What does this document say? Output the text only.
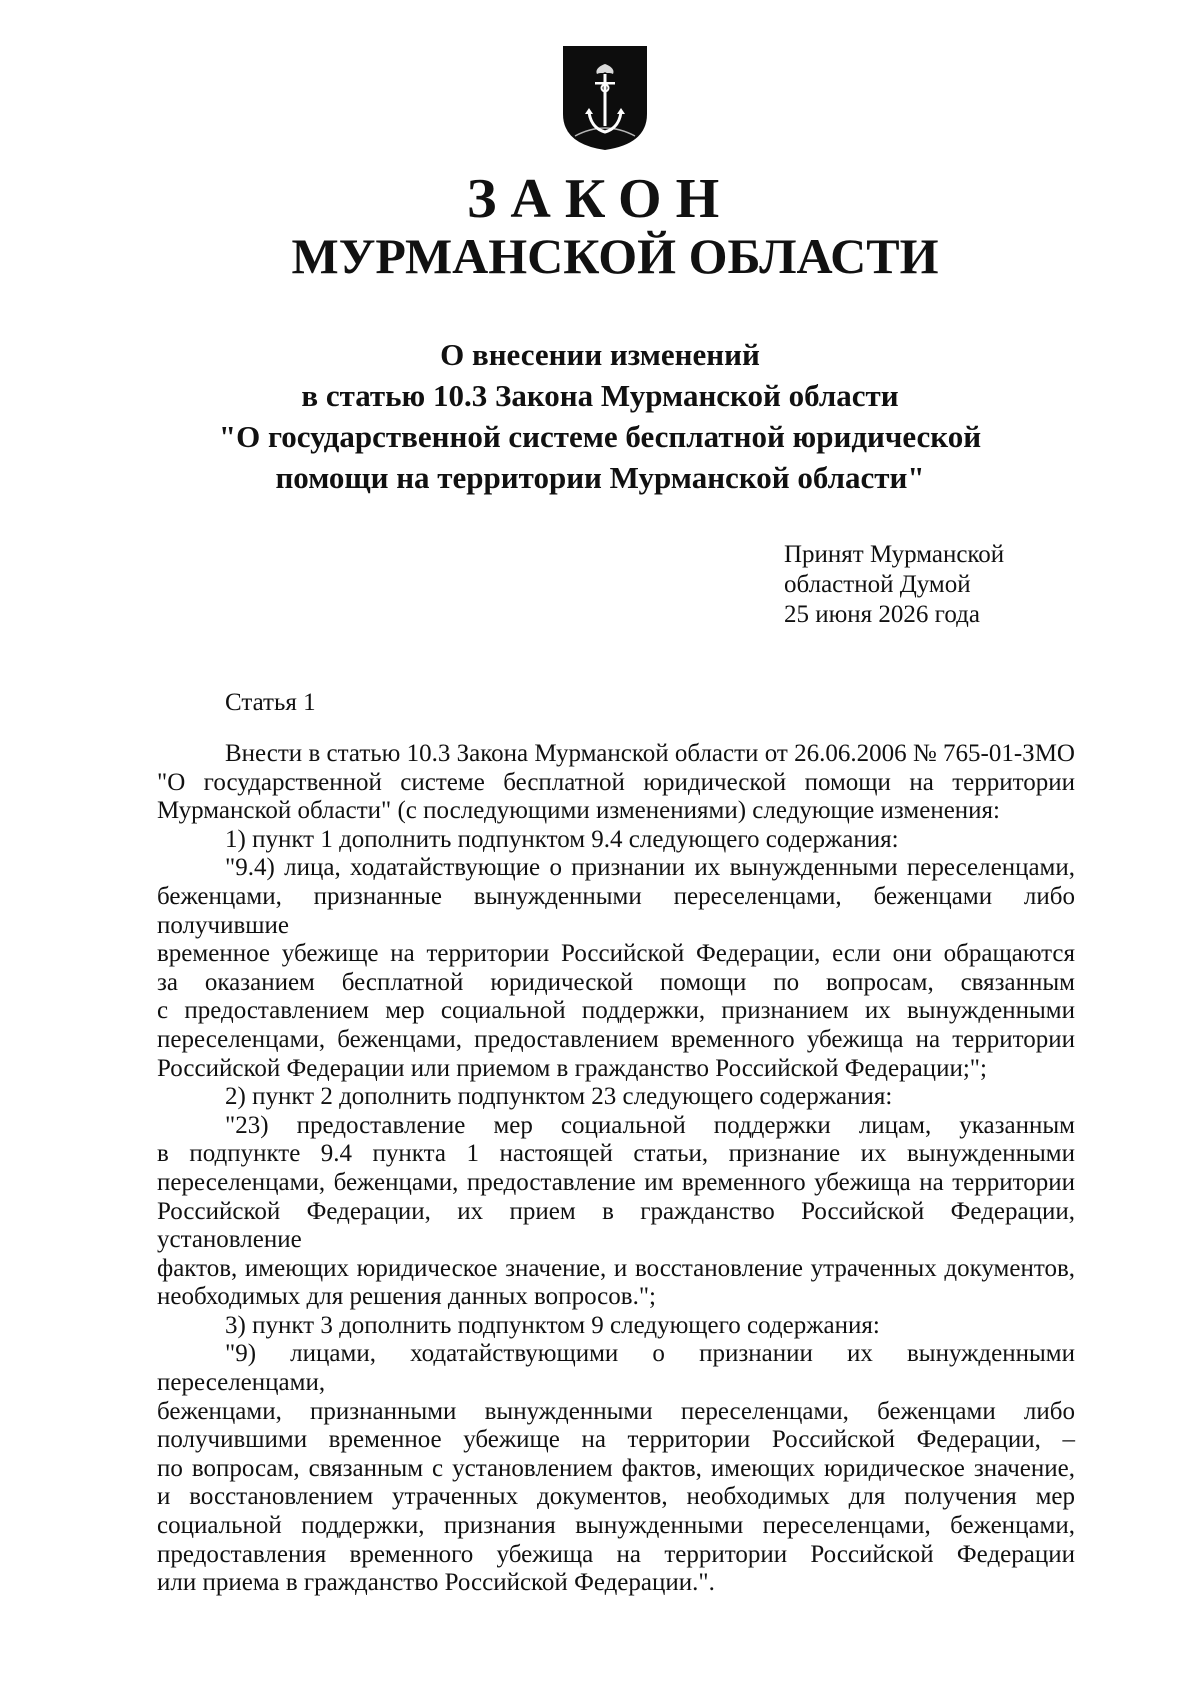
ЗАКОН
МУРМАНСКОЙ ОБЛАСТИ
О внесении изменений
в статью 10.3 Закона Мурманской области
"О государственной системе бесплатной юридической
помощи на территории Мурманской области"
Принят Мурманской
областной Думой
25 июня 2026 года
Статья 1

Внести в статью 10.3 Закона Мурманской области от 26.06.2006 № 765-01-ЗМО

"О государственной системе бесплатной юридической помощи на территории

Мурманской области" (с последующими изменениями) следующие изменения:

1) пункт 1 дополнить подпунктом 9.4 следующего содержания:

"9.4) лица, ходатайствующие о признании их вынужденными переселенцами,

беженцами, признанные вынужденными переселенцами, беженцами либо получившие

временное убежище на территории Российской Федерации, если они обращаются

за оказанием бесплатной юридической помощи по вопросам, связанным

с предоставлением мер социальной поддержки, признанием их вынужденными

переселенцами, беженцами, предоставлением временного убежища на территории

Российской Федерации или приемом в гражданство Российской Федерации;";

2) пункт 2 дополнить подпунктом 23 следующего содержания:

"23) предоставление мер социальной поддержки лицам, указанным

в подпункте 9.4 пункта 1 настоящей статьи, признание их вынужденными

переселенцами, беженцами, предоставление им временного убежища на территории

Российской Федерации, их прием в гражданство Российской Федерации, установление

фактов, имеющих юридическое значение, и восстановление утраченных документов,

необходимых для решения данных вопросов.";

3) пункт 3 дополнить подпунктом 9 следующего содержания:

"9) лицами, ходатайствующими о признании их вынужденными переселенцами,

беженцами, признанными вынужденными переселенцами, беженцами либо

получившими временное убежище на территории Российской Федерации, –

по вопросам, связанным с установлением фактов, имеющих юридическое значение,

и восстановлением утраченных документов, необходимых для получения мер

социальной поддержки, признания вынужденными переселенцами, беженцами,

предоставления временного убежища на территории Российской Федерации

или приема в гражданство Российской Федерации.".
